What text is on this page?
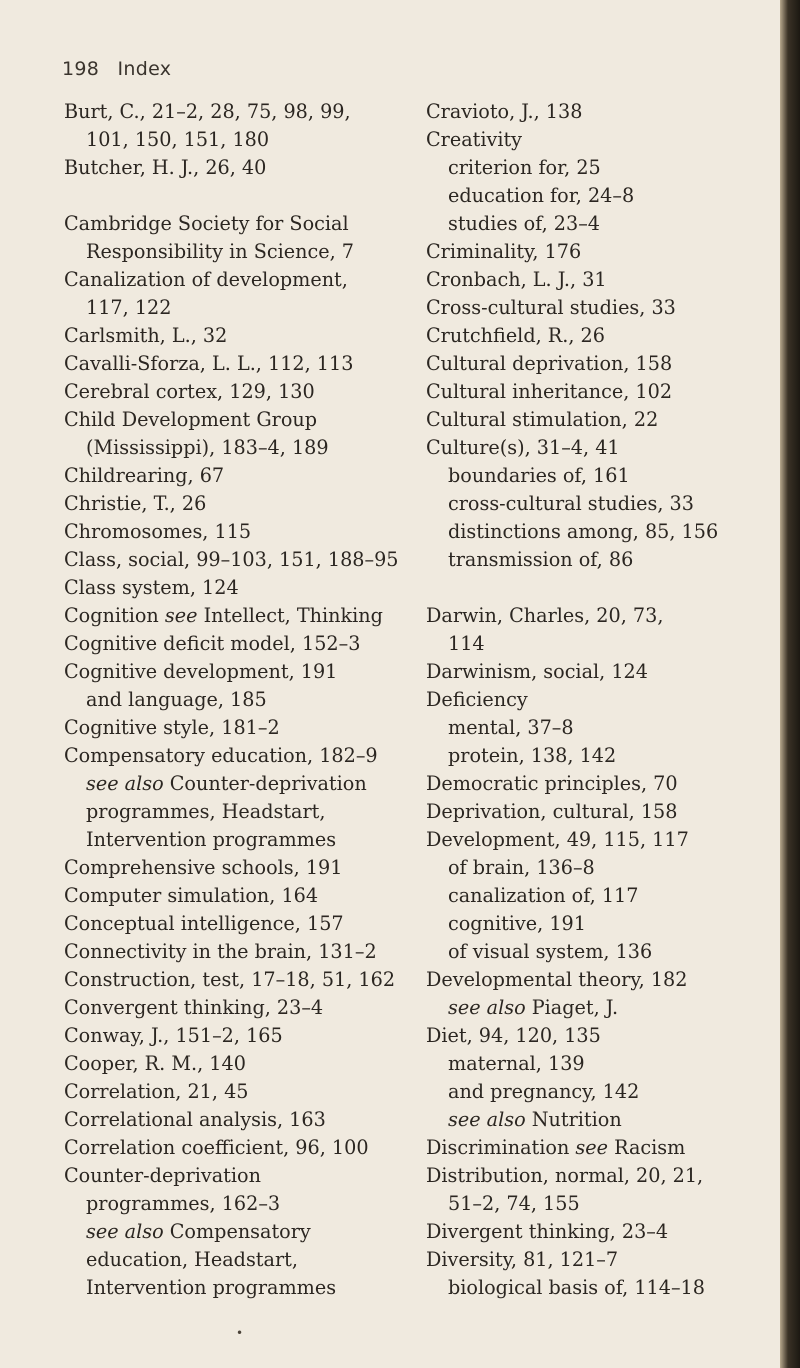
198 Index
Burt, C., 21–2, 28, 75, 98, 99,
101, 150, 151, 180
Butcher, H. J., 26, 40
Cambridge Society for Social
Responsibility in Science, 7
Canalization of development,
117, 122
Carlsmith, L., 32
Cavalli-Sforza, L. L., 112, 113
Cerebral cortex, 129, 130
Child Development Group
(Mississippi), 183–4, 189
Childrearing, 67
Christie, T., 26
Chromosomes, 115
Class, social, 99–103, 151, 188–95
Class system, 124
Cognition see Intellect, Thinking
Cognitive deficit model, 152–3
Cognitive development, 191
and language, 185
Cognitive style, 181–2
Compensatory education, 182–9
see also Counter-deprivation
programmes, Headstart,
Intervention programmes
Comprehensive schools, 191
Computer simulation, 164
Conceptual intelligence, 157
Connectivity in the brain, 131–2
Construction, test, 17–18, 51, 162
Convergent thinking, 23–4
Conway, J., 151–2, 165
Cooper, R. M., 140
Correlation, 21, 45
Correlational analysis, 163
Correlation coefficient, 96, 100
Counter-deprivation
programmes, 162–3
see also Compensatory
education, Headstart,
Intervention programmes
Cravioto, J., 138
Creativity
criterion for, 25
education for, 24–8
studies of, 23–4
Criminality, 176
Cronbach, L. J., 31
Cross-cultural studies, 33
Crutchfield, R., 26
Cultural deprivation, 158
Cultural inheritance, 102
Cultural stimulation, 22
Culture(s), 31–4, 41
boundaries of, 161
cross-cultural studies, 33
distinctions among, 85, 156
transmission of, 86
Darwin, Charles, 20, 73,
114
Darwinism, social, 124
Deficiency
mental, 37–8
protein, 138, 142
Democratic principles, 70
Deprivation, cultural, 158
Development, 49, 115, 117
of brain, 136–8
canalization of, 117
cognitive, 191
of visual system, 136
Developmental theory, 182
see also Piaget, J.
Diet, 94, 120, 135
maternal, 139
and pregnancy, 142
see also Nutrition
Discrimination see Racism
Distribution, normal, 20, 21,
51–2, 74, 155
Divergent thinking, 23–4
Diversity, 81, 121–7
biological basis of, 114–18
•
